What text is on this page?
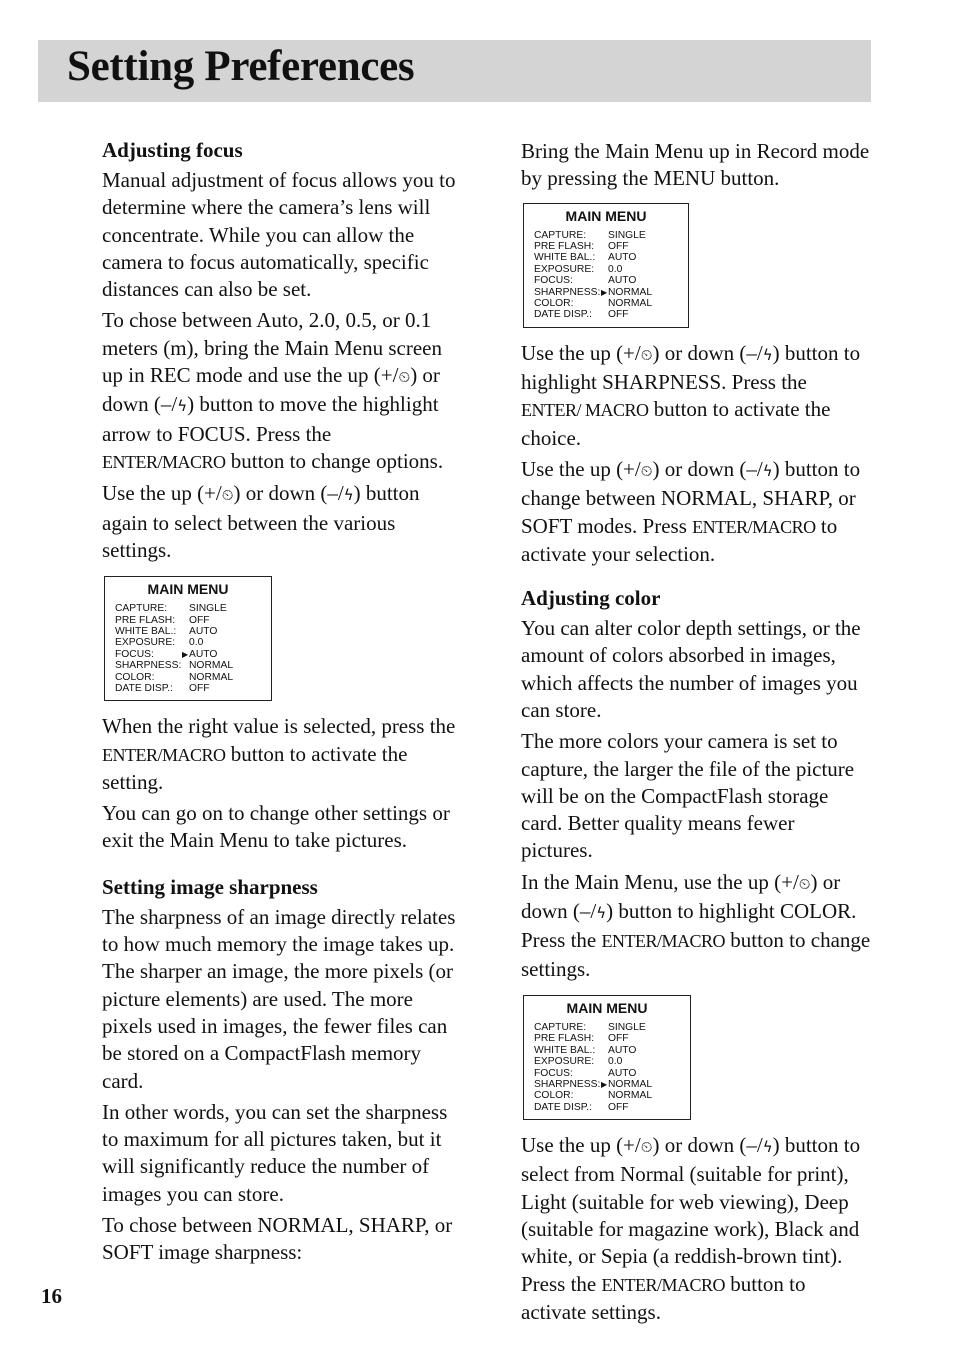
Setting Preferences
Adjusting focus

Manual adjustment of focus allows you to determine where the camera’s lens will concentrate. While you can allow the camera to focus automatically, specific distances can also be set.

To chose between Auto, 2.0, 0.5, or 0.1 meters (m), bring the Main Menu screen up in REC mode and use the up (+/⏲) or down (–/ϟ) button to move the highlight arrow to FOCUS. Press the ENTER/MACRO button to change options.

Use the up (+/⏲) or down (–/ϟ) button again to select between the various settings.

MAIN MENU
CAPTURE: SINGLE
PRE FLASH: OFF
WHITE BAL.: AUTO
EXPOSURE: 0.0
FOCUS:	▶ AUTO
SHARPNESS: NORMAL
COLOR:	NORMAL
DATE DISP.: OFF

When the right value is selected, press the ENTER/MACRO button to activate the setting.

You can go on to change other settings or exit the Main Menu to take pictures.

Setting image sharpness

The sharpness of an image directly relates to how much memory the image takes up. The sharper an image, the more pixels (or picture elements) are used. The more pixels used in images, the fewer files can be stored on a CompactFlash memory card.

In other words, you can set the sharpness to maximum for all pictures taken, but it will significantly reduce the number of images you can store.

To chose between NORMAL, SHARP, or SOFT image sharpness:

Bring the Main Menu up in Record mode by pressing the MENU button.

MAIN MENU
CAPTURE: SINGLE
PRE FLASH: OFF
WHITE BAL.: AUTO
EXPOSURE: 0.0
FOCUS:	AUTO
SHARPNESS: ▶ NORMAL
COLOR:	NORMAL
DATE DISP.: OFF

Use the up (+/⏲) or down (–/ϟ) button to highlight SHARPNESS. Press the ENTER/ MACRO button to activate the choice.

Use the up (+/⏲) or down (–/ϟ) button to change between NORMAL, SHARP, or SOFT modes. Press ENTER/MACRO to activate your selection.

Adjusting color

You can alter color depth settings, or the amount of colors absorbed in images, which affects the number of images you can store.

The more colors your camera is set to capture, the larger the file of the picture will be on the CompactFlash storage card. Better quality means fewer pictures.

In the Main Menu, use the up (+/⏲) or down (–/ϟ) button to highlight COLOR. Press the ENTER/MACRO button to change settings.

MAIN MENU
CAPTURE: SINGLE
PRE FLASH: OFF
WHITE BAL.: AUTO
EXPOSURE: 0.0
FOCUS:	AUTO
SHARPNESS: ▶ NORMAL
COLOR:	NORMAL
DATE DISP.: OFF

Use the up (+/⏲) or down (–/ϟ) button to select from Normal (suitable for print), Light (suitable for web viewing), Deep (suitable for magazine work), Black and white, or Sepia (a reddish-brown tint). Press the ENTER/MACRO button to activate settings.

16
